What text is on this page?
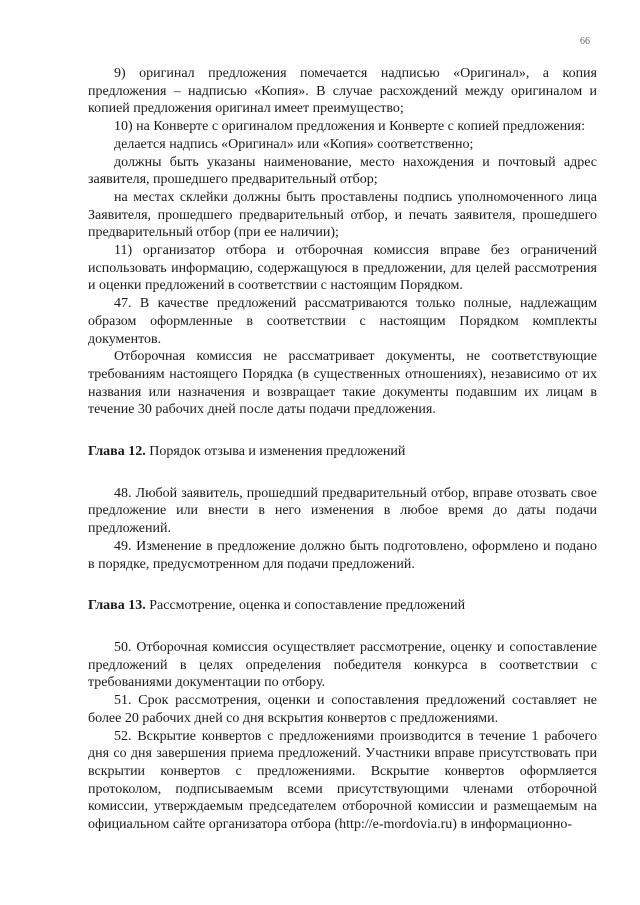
66

9) оригинал предложения помечается надписью «Оригинал», а копия предложения – надписью «Копия». В случае расхождений между оригиналом и копией предложения оригинал имеет преимущество;

10) на Конверте с оригиналом предложения и Конверте с копией предложения:

делается надпись «Оригинал» или «Копия» соответственно;

должны быть указаны наименование, место нахождения и почтовый адрес заявителя, прошедшего предварительный отбор;

на местах склейки должны быть проставлены подпись уполномоченного лица Заявителя, прошедшего предварительный отбор, и печать заявителя, прошедшего предварительный отбор (при ее наличии);

11) организатор отбора и отборочная комиссия вправе без ограничений использовать информацию, содержащуюся в предложении, для целей рассмотрения и оценки предложений в соответствии с настоящим Порядком.

47. В качестве предложений рассматриваются только полные, надлежащим образом оформленные в соответствии с настоящим Порядком комплекты документов.

Отборочная комиссия не рассматривает документы, не соответствующие требованиям настоящего Порядка (в существенных отношениях), независимо от их названия или назначения и возвращает такие документы подавшим их лицам в течение 30 рабочих дней после даты подачи предложения.

Глава 12. Порядок отзыва и изменения предложений

48. Любой заявитель, прошедший предварительный отбор, вправе отозвать свое предложение или внести в него изменения в любое время до даты подачи предложений.

49. Изменение в предложение должно быть подготовлено, оформлено и подано в порядке, предусмотренном для подачи предложений.

Глава 13. Рассмотрение, оценка и сопоставление предложений

50. Отборочная комиссия осуществляет рассмотрение, оценку и сопоставление предложений в целях определения победителя конкурса в соответствии с требованиями документации по отбору.

51. Срок рассмотрения, оценки и сопоставления предложений составляет не более 20 рабочих дней со дня вскрытия конвертов с предложениями.

52. Вскрытие конвертов с предложениями производится в течение 1 рабочего дня со дня завершения приема предложений. Участники вправе присутствовать при вскрытии конвертов с предложениями. Вскрытие конвертов оформляется протоколом, подписываемым всеми присутствующими членами отборочной комиссии, утверждаемым председателем отборочной комиссии и размещаемым на официальном сайте организатора отбора (http://e-mordovia.ru) в информационно-
